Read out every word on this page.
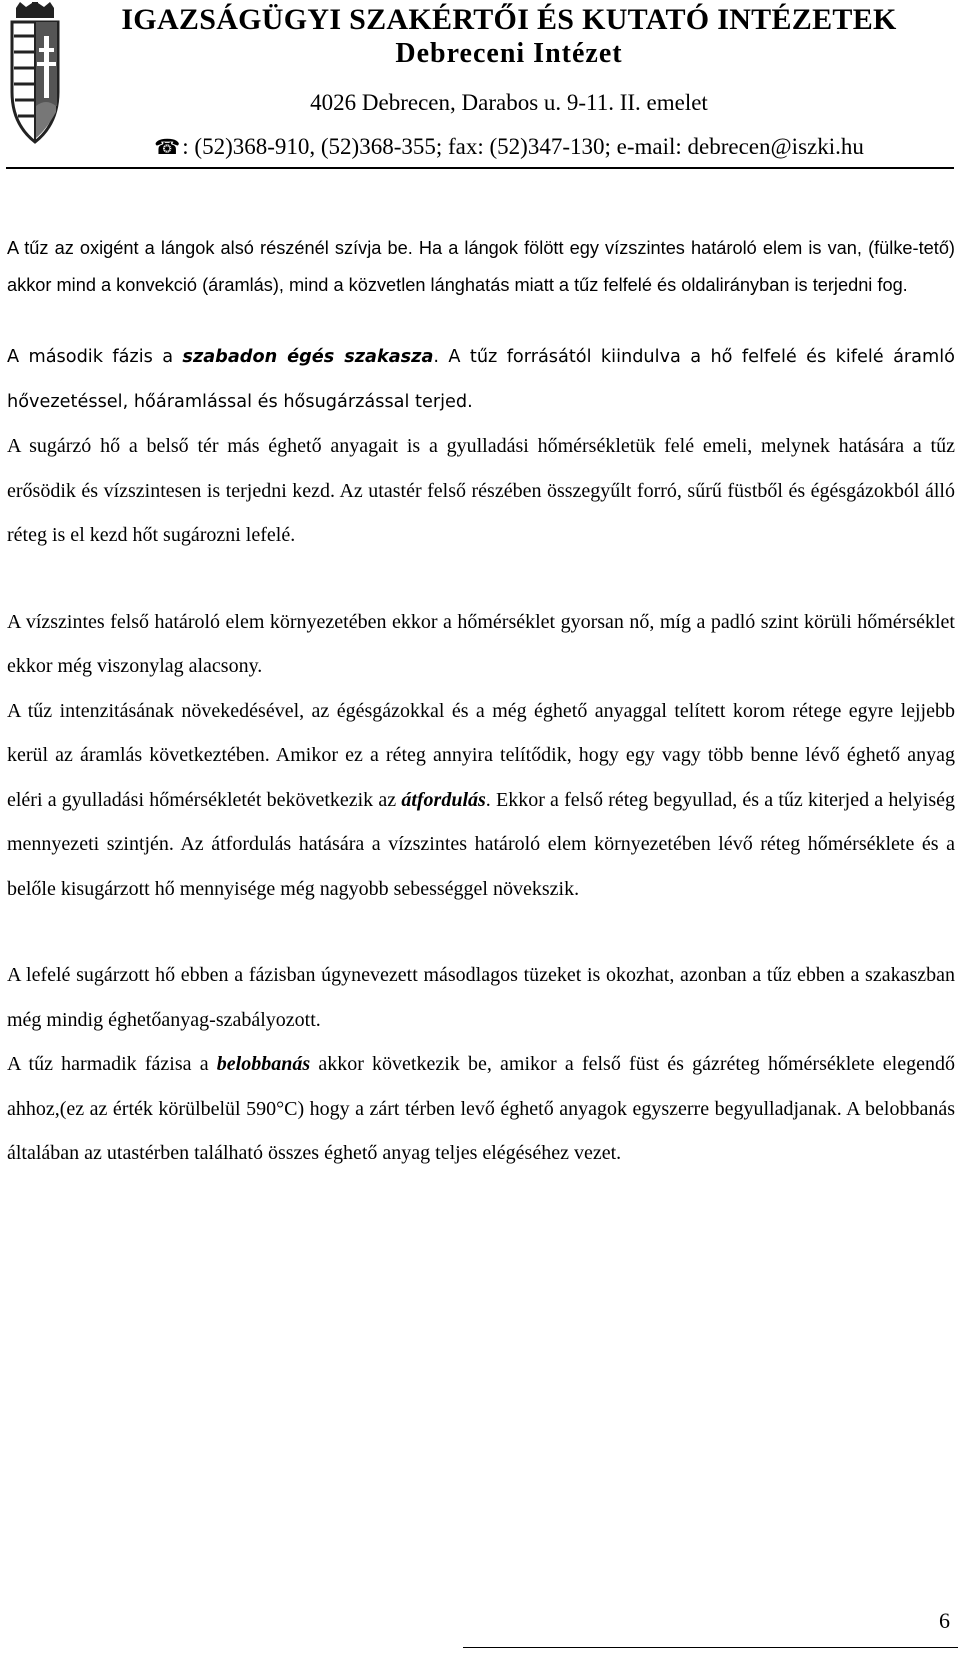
IGAZSÁGÜGYI SZAKÉRTŐI ÉS KUTATÓ INTÉZETEK
Debreceni Intézet
4026 Debrecen, Darabos u. 9-11. II. emelet
☎: (52)368-910, (52)368-355; fax: (52)347-130; e-mail: debrecen@iszki.hu

A tűz az oxigént a lángok alsó részénél szívja be. Ha a lángok fölött egy vízszintes határoló elem is van, (fülke-tető) akkor mind a konvekció (áramlás), mind a közvetlen lánghatás miatt a tűz felfelé és oldalirányban is terjedni fog.

A második fázis a szabadon égés szakasza. A tűz forrásától kiindulva a hő felfelé és kifelé áramló hővezetéssel, hőáramlással és hősugárzással terjed.

A sugárzó hő a belső tér más éghető anyagait is a gyulladási hőmérsékletük felé emeli, melynek hatására a tűz erősödik és vízszintesen is terjedni kezd. Az utastér felső részében összegyűlt forró, sűrű füstből és égésgázokból álló réteg is el kezd hőt sugározni lefelé.

A vízszintes felső határoló elem környezetében ekkor a hőmérséklet gyorsan nő, míg a padló szint körüli hőmérséklet ekkor még viszonylag alacsony.

A tűz intenzitásának növekedésével, az égésgázokkal és a még éghető anyaggal telített korom rétege egyre lejjebb kerül az áramlás következtében. Amikor ez a réteg annyira telítődik, hogy egy vagy több benne lévő éghető anyag eléri a gyulladási hőmérsékletét bekövetkezik az átfordulás. Ekkor a felső réteg begyullad, és a tűz kiterjed a helyiség mennyezeti szintjén. Az átfordulás hatására a vízszintes határoló elem környezetében lévő réteg hőmérséklete és a belőle kisugárzott hő mennyisége még nagyobb sebességgel növekszik.

A lefelé sugárzott hő ebben a fázisban úgynevezett másodlagos tüzeket is okozhat, azonban a tűz ebben a szakaszban még mindig éghetőanyag-szabályozott.

A tűz harmadik fázisa a belobbanás akkor következik be, amikor a felső füst és gázréteg hőmérséklete elegendő ahhoz,(ez az érték körülbelül 590°C) hogy a zárt térben levő éghető anyagok egyszerre begyulladjanak. A belobbanás általában az utastérben található összes éghető anyag teljes elégéséhez vezet.

6
